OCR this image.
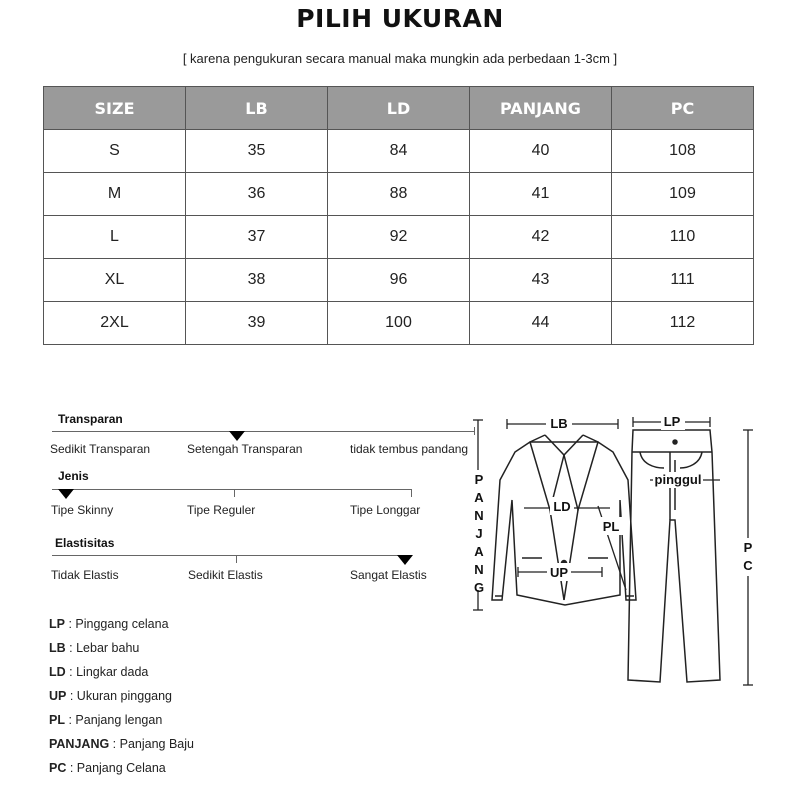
PILIH UKURAN
[ karena pengukuran secara manual maka mungkin ada perbedaan 1-3cm ]
SIZE	LB	LD	PANJANG	PC
S	35	84	40	108
M	36	88	41	109
L	37	92	42	110
XL	38	96	43	111
2XL	39	100	44	112
Transparan
Sedikit Transparan	Setengah Transparan	tidak tembus pandang
Jenis
Tipe Skinny	Tipe Reguler	Tipe Longgar
Elastisitas
Tidak Elastis	Sedikit Elastis	Sangat Elastis
LP : Pinggang celana
LB : Lebar bahu
LD : Lingkar dada
UP : Ukuran pinggang
PL : Panjang lengan
PANJANG : Panjang Baju
PC : Panjang Celana
LB	LP
LD
UP
PL
pinggul
P
A
N
J
A
N
G
P
C
